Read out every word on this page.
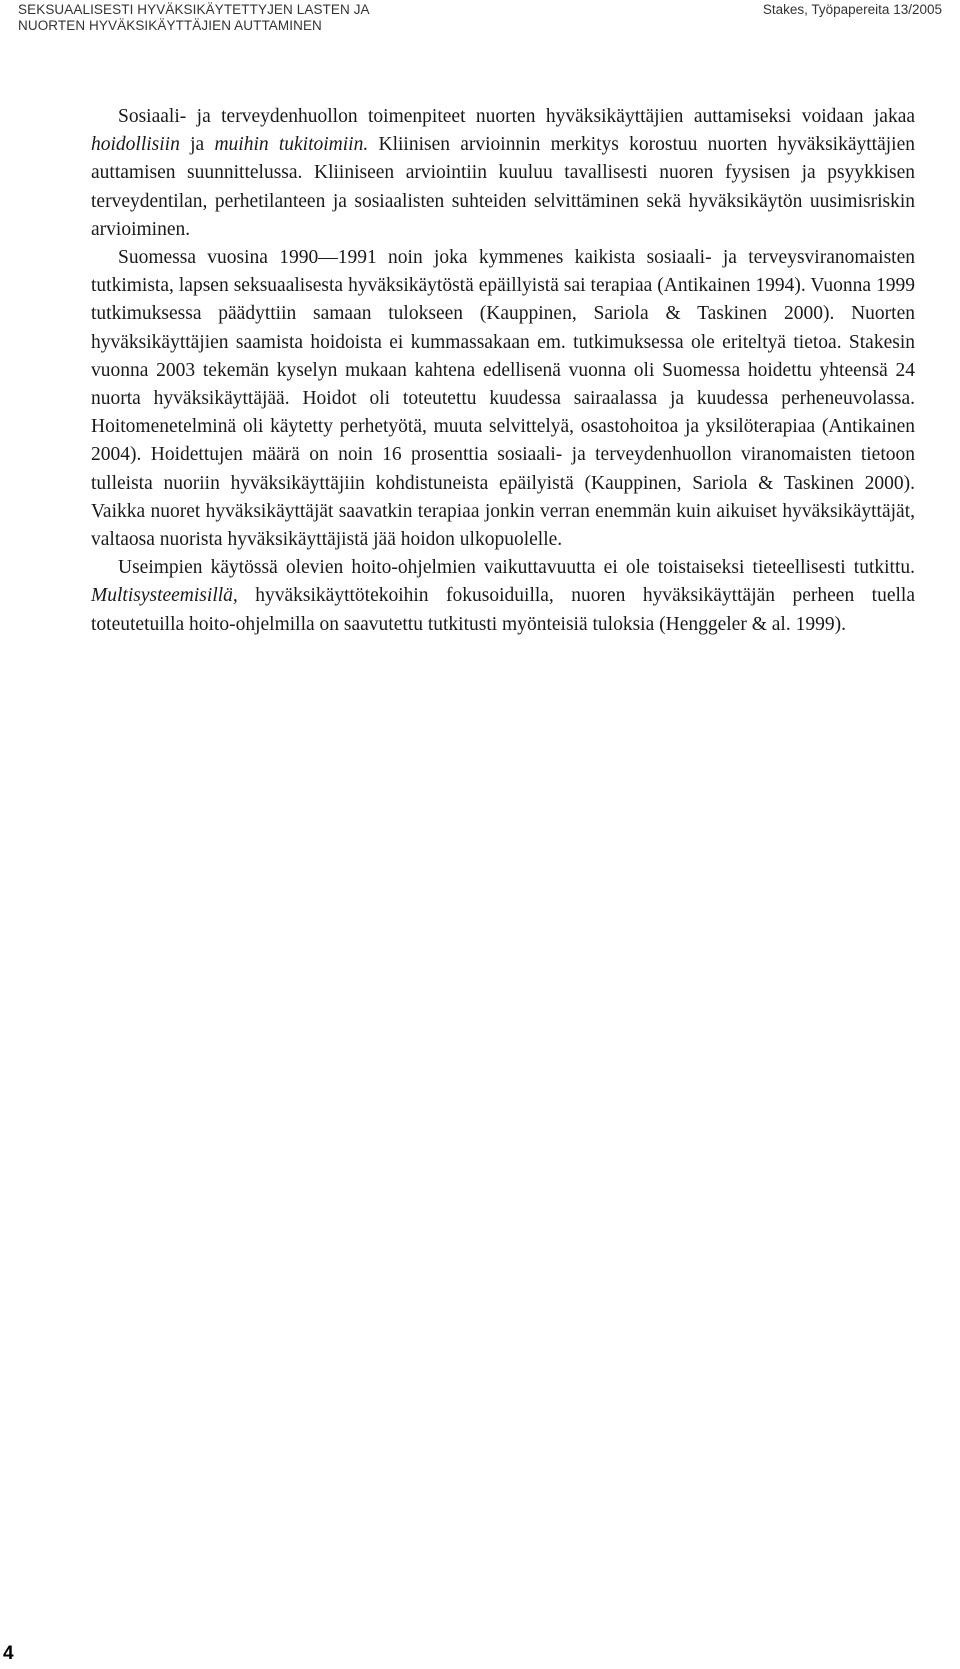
SEKSUAALISESTI HYVÄKSIKÄYTETTYJEN LASTEN JA
NUORTEN HYVÄKSIKÄYTTÄJIEN AUTTAMINEN
Stakes, Työpapereita 13/2005

Sosiaali- ja terveydenhuollon toimenpiteet nuorten hyväksikäyttäjien auttamiseksi voidaan jakaa hoidollisiin ja muihin tukitoimiin. Kliinisen arvioinnin merkitys korostuu nuorten hyväksikäyttäjien auttamisen suunnittelussa. Kliiniseen arviointiin kuuluu tavallisesti nuoren fyysisen ja psyykkisen terveydentilan, perhetilanteen ja sosiaalisten suhteiden selvittäminen sekä hyväksikäytön uusimisriskin arvioiminen.

Suomessa vuosina 1990—1991 noin joka kymmenes kaikista sosiaali- ja terveysviranomaisten tutkimista, lapsen seksuaalisesta hyväksikäytöstä epäillyistä sai terapiaa (Antikainen 1994). Vuonna 1999 tutkimuksessa päädyttiin samaan tulokseen (Kauppinen, Sariola & Taskinen 2000). Nuorten hyväksikäyttäjien saamista hoidoista ei kummassakaan em. tutkimuksessa ole eriteltyä tietoa. Stakesin vuonna 2003 tekemän kyselyn mukaan kahtena edellisenä vuonna oli Suomessa hoidettu yhteensä 24 nuorta hyväksikäyttäjää. Hoidot oli toteutettu kuudessa sairaalassa ja kuudessa perheneuvolassa. Hoitomenetelminä oli käytetty perhetyötä, muuta selvittelyä, osastohoitoa ja yksilöterapiaa (Antikainen 2004). Hoidettujen määrä on noin 16 prosenttia sosiaali- ja terveydenhuollon viranomaisten tietoon tulleista nuoriin hyväksikäyttäjiin kohdistuneista epäilyistä (Kauppinen, Sariola & Taskinen 2000). Vaikka nuoret hyväksikäyttäjät saavatkin terapiaa jonkin verran enemmän kuin aikuiset hyväksikäyttäjät, valtaosa nuorista hyväksikäyttäjistä jää hoidon ulkopuolelle.

Useimpien käytössä olevien hoito-ohjelmien vaikuttavuutta ei ole toistaiseksi tieteellisesti tutkittu. Multisysteemisillä, hyväksikäyttötekoihin fokusoiduilla, nuoren hyväksikäyttäjän perheen tuella toteutetuilla hoito-ohjelmilla on saavutettu tutkitusti myönteisiä tuloksia (Henggeler & al. 1999).

4
